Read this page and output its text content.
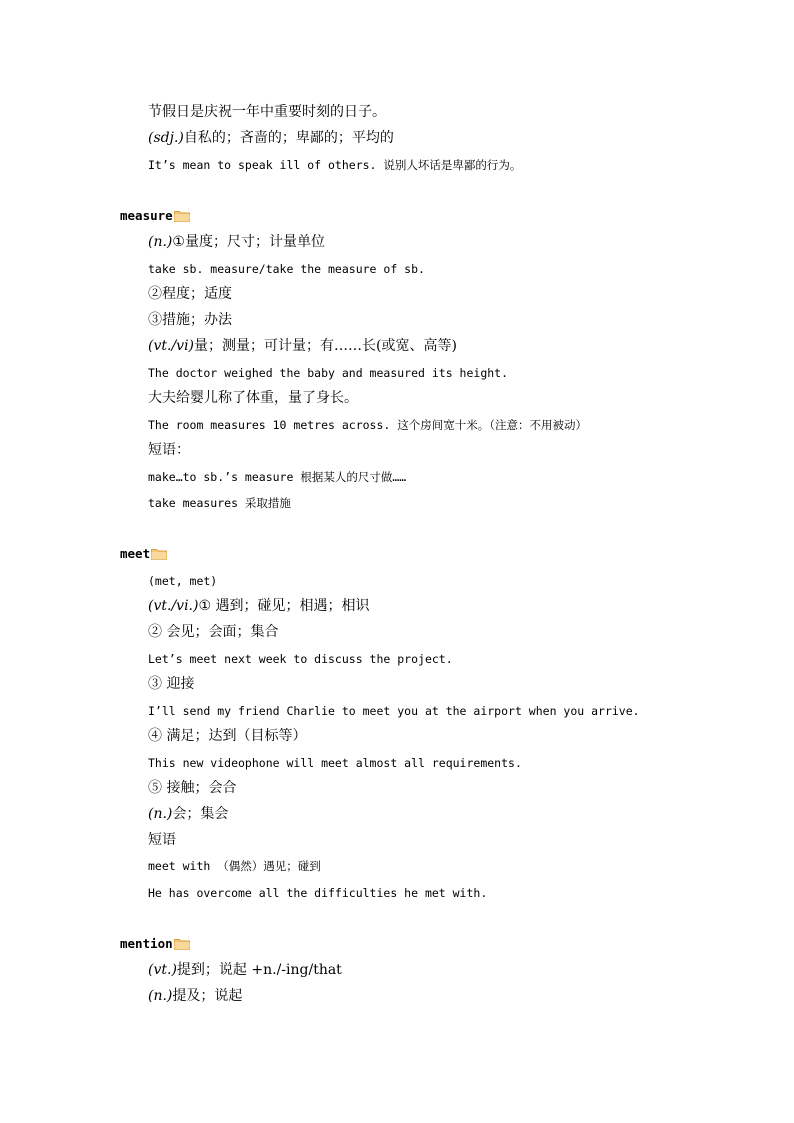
节假日是庆祝一年中重要时刻的日子。
(sdj.)自私的；吝啬的；卑鄙的；平均的
It’s mean to speak ill of others. 说别人坏话是卑鄙的行为。
measure
(n.)①量度；尺寸；计量单位
take sb. measure/take the measure of sb.
②程度；适度
③措施；办法
(vt./vi)量；测量；可计量；有……长(或宽、高等)
The doctor weighed the baby and measured its height.
大夫给婴儿称了体重，量了身长。
The room measures 10 metres across. 这个房间宽十米。（注意：不用被动）
短语：
make…to sb.’s measure 根据某人的尺寸做……
take measures 采取措施
meet
(met, met)
(vt./vi.)① 遇到；碰见；相遇；相识
② 会见；会面；集合
Let’s meet next week to discuss the project.
③ 迎接
I’ll send my friend Charlie to meet you at the airport when you arrive.
④ 满足；达到（目标等）
This new videophone will meet almost all requirements.
⑤ 接触；会合
(n.)会；集会
短语
meet with （偶然）遇见；碰到
He has overcome all the difficulties he met with.
mention
(vt.)提到；说起 +n./-ing/that
(n.)提及；说起
